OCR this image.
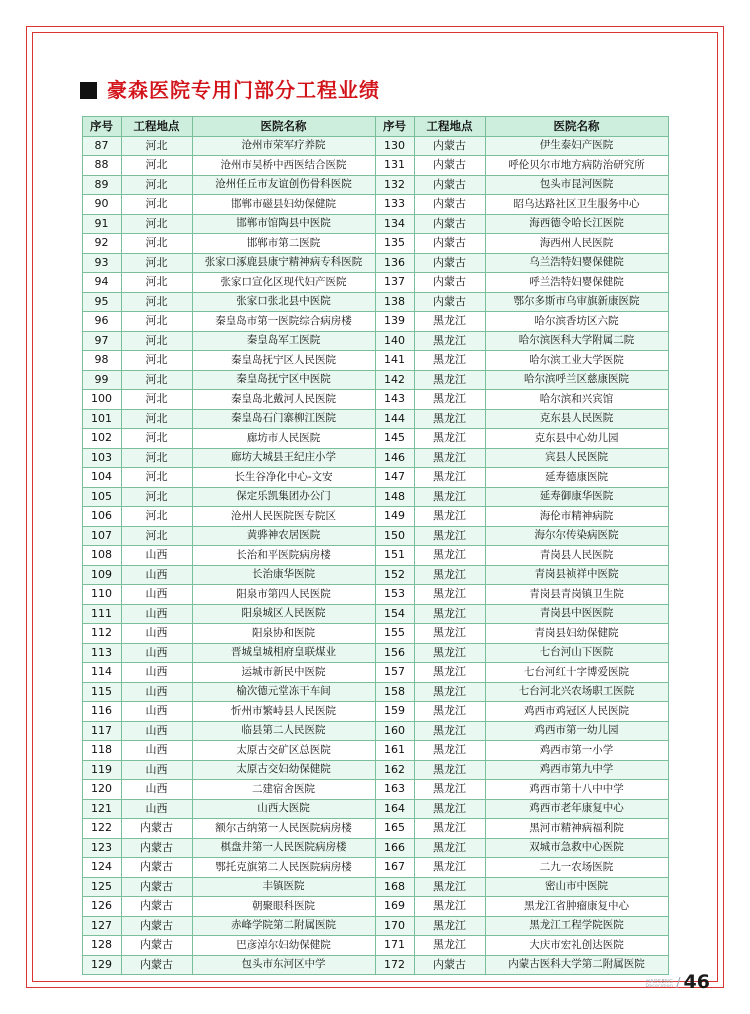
豪森医院专用门部分工程业绩
序号	工程地点	医院名称	序号	工程地点	医院名称
87	河北	沧州市荣军疗养院	130	内蒙古	伊生泰妇产医院
88	河北	沧州市吴桥中西医结合医院	131	内蒙古	呼伦贝尔市地方病防治研究所
89	河北	沧州任丘市友谊创伤骨科医院	132	内蒙古	包头市昆河医院
90	河北	邯郸市磁县妇幼保健院	133	内蒙古	昭乌达路社区卫生服务中心
91	河北	邯郸市馆陶县中医院	134	内蒙古	海西德令哈长江医院
92	河北	邯郸市第二医院	135	内蒙古	海西州人民医院
93	河北	张家口涿鹿县康宁精神病专科医院	136	内蒙古	乌兰浩特妇婴保健院
94	河北	张家口宣化区现代妇产医院	137	内蒙古	呼兰浩特妇婴保健院
95	河北	张家口张北县中医院	138	内蒙古	鄂尔多斯市乌审旗新康医院
96	河北	秦皇岛市第一医院综合病房楼	139	黑龙江	哈尔滨香坊区六院
97	河北	秦皇岛军工医院	140	黑龙江	哈尔滨医科大学附属二院
98	河北	秦皇岛抚宁区人民医院	141	黑龙江	哈尔滨工业大学医院
99	河北	秦皇岛抚宁区中医院	142	黑龙江	哈尔滨呼兰区慈康医院
100	河北	秦皇岛北戴河人民医院	143	黑龙江	哈尔滨和兴宾馆
101	河北	秦皇岛石门寨柳江医院	144	黑龙江	克东县人民医院
102	河北	廊坊市人民医院	145	黑龙江	克东县中心幼儿园
103	河北	廊坊大城县王纪庄小学	146	黑龙江	宾县人民医院
104	河北	长生谷净化中心-文安	147	黑龙江	延寿德康医院
105	河北	保定乐凯集团办公门	148	黑龙江	延寿御康华医院
106	河北	沧州人民医院医专院区	149	黑龙江	海伦市精神病院
107	河北	黄骅神农居医院	150	黑龙江	海尔尔传染病医院
108	山西	长治和平医院病房楼	151	黑龙江	青岗县人民医院
109	山西	长治康华医院	152	黑龙江	青岗县祯祥中医院
110	山西	阳泉市第四人民医院	153	黑龙江	青岗县青岗镇卫生院
111	山西	阳泉城区人民医院	154	黑龙江	青岗县中医医院
112	山西	阳泉协和医院	155	黑龙江	青岗县妇幼保健院
113	山西	晋城皇城相府皇联煤业	156	黑龙江	七台河山下医院
114	山西	运城市新民中医院	157	黑龙江	七台河红十字博爱医院
115	山西	榆次德元堂冻干车间	158	黑龙江	七台河北兴农场职工医院
116	山西	忻州市繁峙县人民医院	159	黑龙江	鸡西市鸡冠区人民医院
117	山西	临县第二人民医院	160	黑龙江	鸡西市第一幼儿园
118	山西	太原古交矿区总医院	161	黑龙江	鸡西市第一小学
119	山西	太原古交妇幼保健院	162	黑龙江	鸡西市第九中学
120	山西	二建宿舍医院	163	黑龙江	鸡西市第十八中中学
121	山西	山西大医院	164	黑龙江	鸡西市老年康复中心
122	内蒙古	额尔古纳第一人民医院病房楼	165	黑龙江	黑河市精神病福利院
123	内蒙古	棋盘井第一人民医院病房楼	166	黑龙江	双城市急救中心医院
124	内蒙古	鄂托克旗第二人民医院病房楼	167	黑龙江	二九一农场医院
125	内蒙古	丰镇医院	168	黑龙江	密山市中医院
126	内蒙古	朝聚眼科医院	169	黑龙江	黑龙江省肿瘤康复中心
127	内蒙古	赤峰学院第二附属医院	170	黑龙江	黑龙江工程学院医院
128	内蒙古	巴彦淖尔妇幼保健院	171	黑龙江	大庆市宏礼创达医院
129	内蒙古	包头市东河区中学	172	内蒙古	内蒙古医科大学第二附属医院
HAOSENG
Decoration / 46
